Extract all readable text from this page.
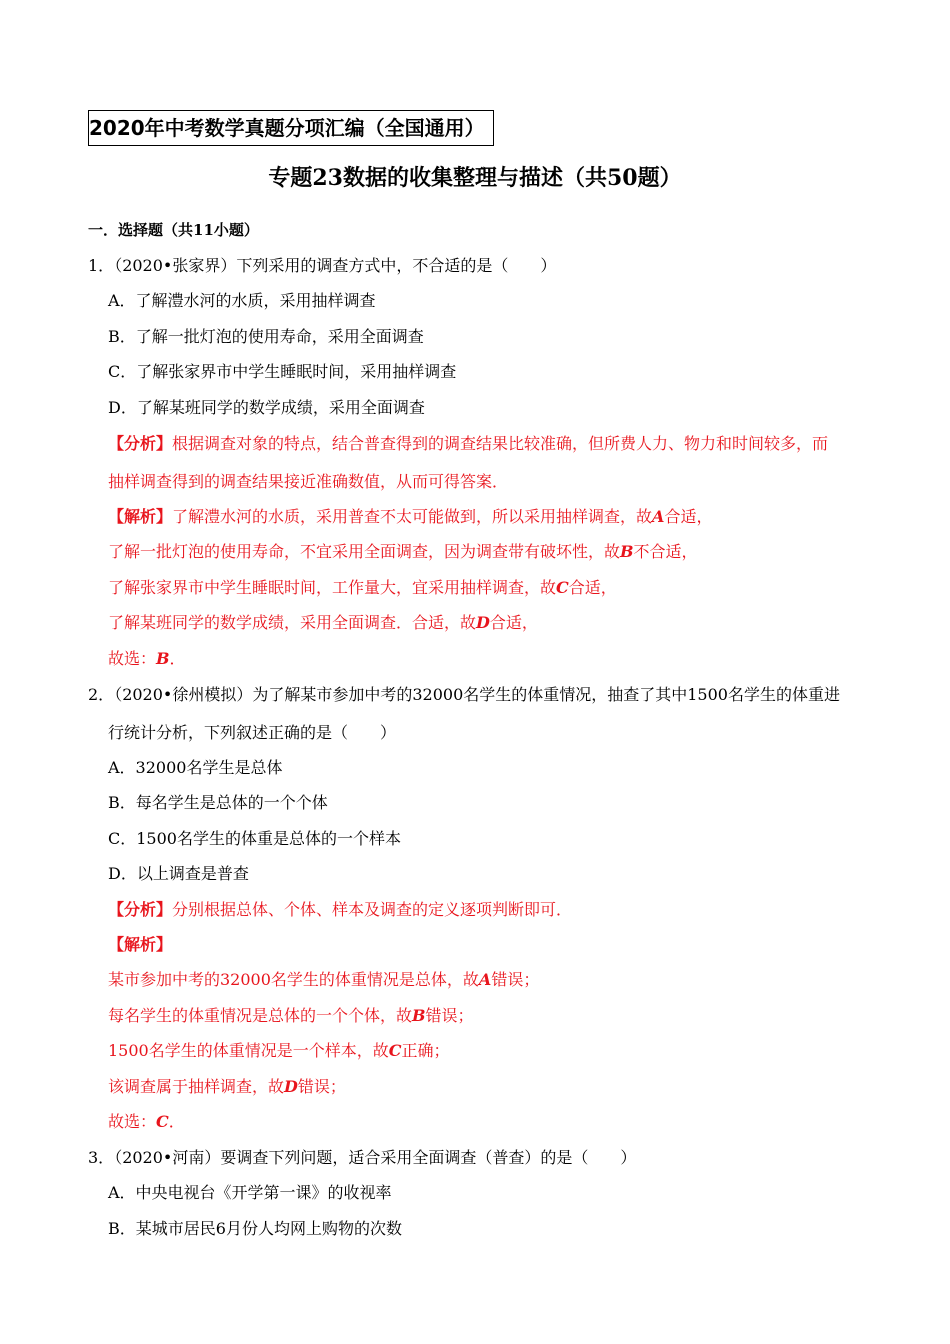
2020年中考数学真题分项汇编（全国通用）
专题23数据的收集整理与描述（共50题）
一．选择题（共11小题）
1．（2020•张家界）下列采用的调查方式中，不合适的是（　　）
A．了解澧水河的水质，采用抽样调查
B．了解一批灯泡的使用寿命，采用全面调查
C．了解张家界市中学生睡眠时间，采用抽样调查
D．了解某班同学的数学成绩，采用全面调查
【分析】根据调查对象的特点，结合普查得到的调查结果比较准确，但所费人力、物力和时间较多，而
抽样调查得到的调查结果接近准确数值，从而可得答案．
【解析】了解澧水河的水质，采用普查不太可能做到，所以采用抽样调查，故A合适，
了解一批灯泡的使用寿命，不宜采用全面调查，因为调查带有破坏性，故B不合适，
了解张家界市中学生睡眠时间，工作量大，宜采用抽样调查，故C合适，
了解某班同学的数学成绩，采用全面调查．合适，故D合适，
故选：B．
2．（2020•徐州模拟）为了解某市参加中考的32000名学生的体重情况，抽查了其中1500名学生的体重进
行统计分析，下列叙述正确的是（　　）
A．32000名学生是总体
B．每名学生是总体的一个个体
C．1500名学生的体重是总体的一个样本
D．以上调查是普查
【分析】分别根据总体、个体、样本及调查的定义逐项判断即可．
【解析】
某市参加中考的32000名学生的体重情况是总体，故A错误；
每名学生的体重情况是总体的一个个体，故B错误；
1500名学生的体重情况是一个样本，故C正确；
该调查属于抽样调查，故D错误；
故选：C．
3．（2020•河南）要调查下列问题，适合采用全面调查（普查）的是（　　）
A．中央电视台《开学第一课》的收视率
B．某城市居民6月份人均网上购物的次数
